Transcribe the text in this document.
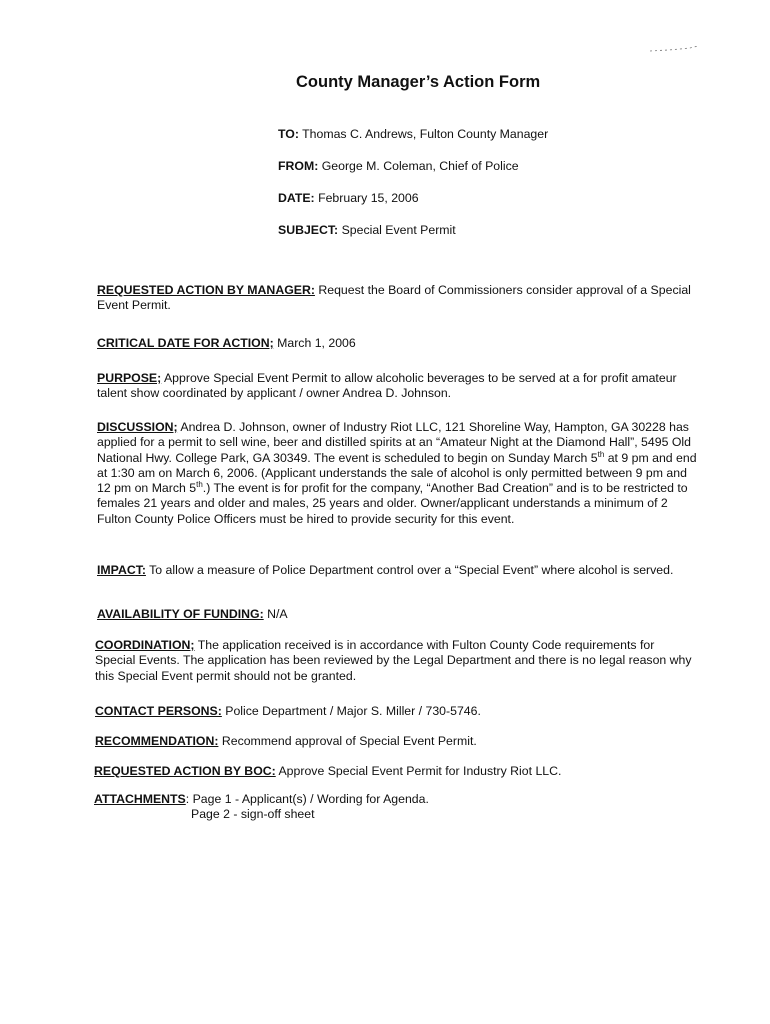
County Manager’s Action Form
TO: Thomas C. Andrews, Fulton County Manager
FROM: George M. Coleman, Chief of Police
DATE: February 15, 2006
SUBJECT: Special Event Permit

REQUESTED ACTION BY MANAGER: Request the Board of Commissioners consider approval of a Special Event Permit.

CRITICAL DATE FOR ACTION; March 1, 2006

PURPOSE; Approve Special Event Permit to allow alcoholic beverages to be served at a for profit amateur talent show coordinated by applicant / owner Andrea D. Johnson.

DISCUSSION; Andrea D. Johnson, owner of Industry Riot LLC, 121 Shoreline Way, Hampton, GA 30228 has applied for a permit to sell wine, beer and distilled spirits at an “Amateur Night at the Diamond Hall”, 5495 Old National Hwy. College Park, GA 30349. The event is scheduled to begin on Sunday March 5th at 9 pm and end at 1:30 am on March 6, 2006. (Applicant understands the sale of alcohol is only permitted between 9 pm and 12 pm on March 5th.) The event is for profit for the company, “Another Bad Creation” and is to be restricted to females 21 years and older and males, 25 years and older. Owner/applicant understands a minimum of 2 Fulton County Police Officers must be hired to provide security for this event.

IMPACT: To allow a measure of Police Department control over a “Special Event” where alcohol is served.

AVAILABILITY OF FUNDING: N/A

COORDINATION; The application received is in accordance with Fulton County Code requirements for Special Events. The application has been reviewed by the Legal Department and there is no legal reason why this Special Event permit should not be granted.

CONTACT PERSONS: Police Department / Major S. Miller / 730-5746.

RECOMMENDATION: Recommend approval of Special Event Permit.

REQUESTED ACTION BY BOC: Approve Special Event Permit for Industry Riot LLC.

ATTACHMENTS: Page 1 - Applicant(s) / Wording for Agenda.
Page 2 - sign-off sheet
